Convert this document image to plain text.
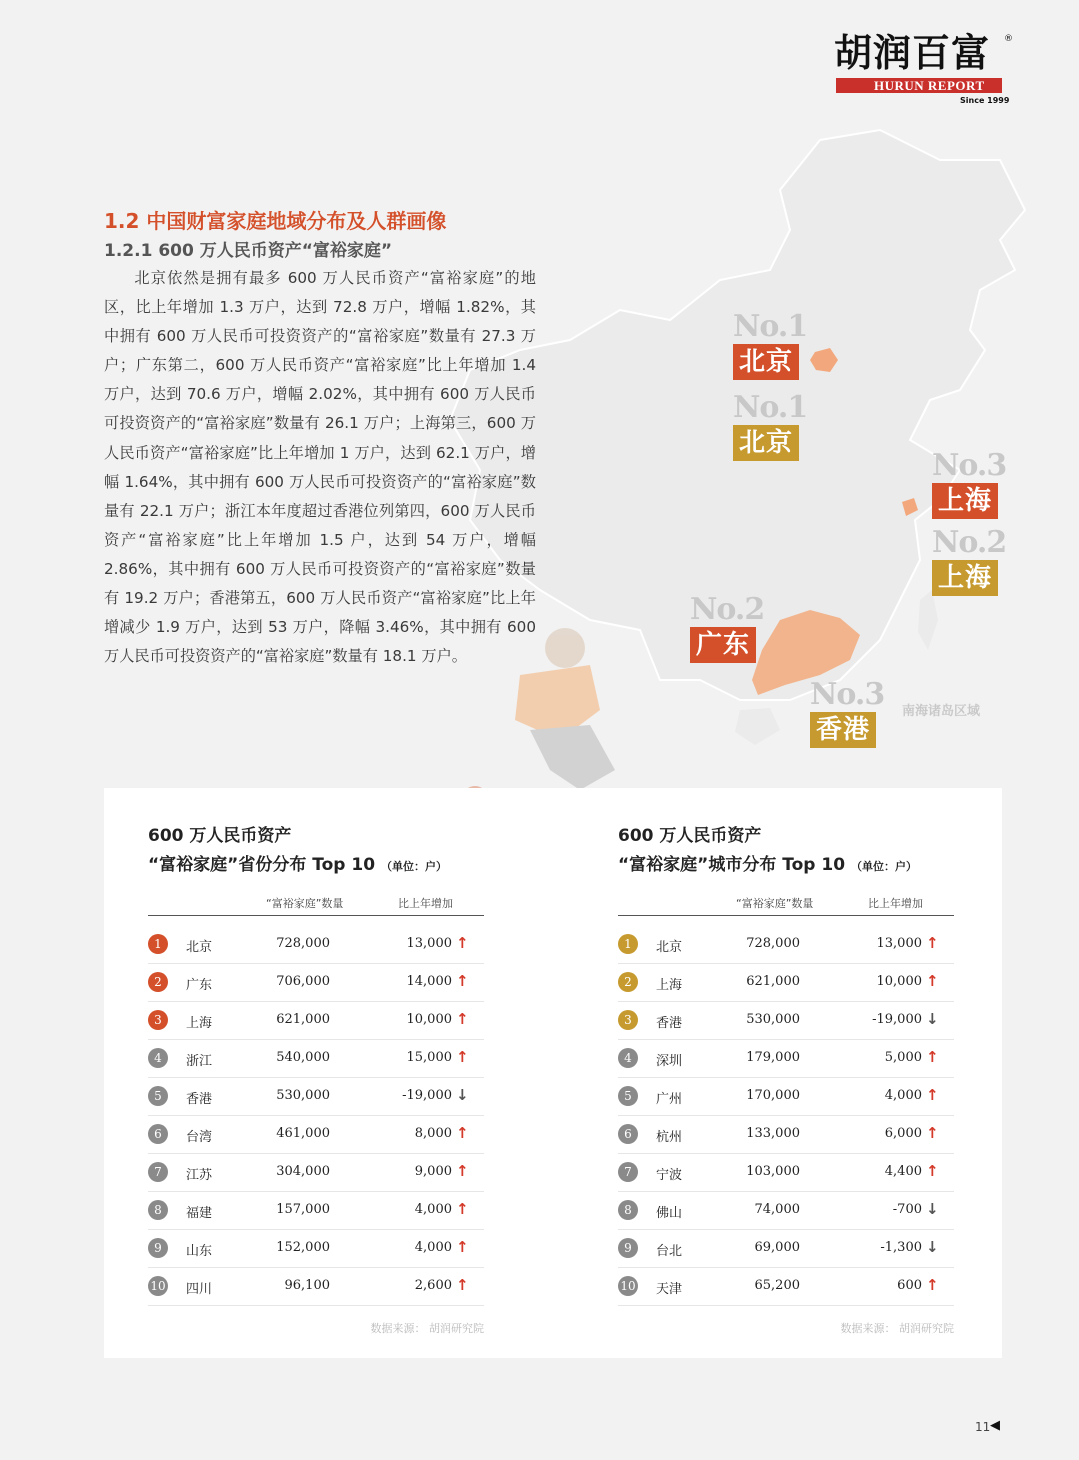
胡润百富 ®
HURUN REPORT
Since 1999
No.1
北京
No.1
北京
No.3
上海
No.2
上海
No.2
广东
No.3
香港
南海诸岛区域
1.2 中国财富家庭地域分布及人群画像
1.2.1 600 万人民币资产“富裕家庭”

北京依然是拥有最多 600 万人民币资产“富裕家庭”的地区，比上年增加 1.3 万户，达到 72.8 万户，增幅 1.82%，其中拥有 600 万人民币可投资资产的“富裕家庭”数量有 27.3 万户；广东第二，600 万人民币资产“富裕家庭”比上年增加 1.4 万户，达到 70.6 万户，增幅 2.02%，其中拥有 600 万人民币可投资资产的“富裕家庭”数量有 26.1 万户；上海第三，600 万人民币资产“富裕家庭”比上年增加 1 万户，达到 62.1 万户，增幅 1.64%，其中拥有 600 万人民币可投资资产的“富裕家庭”数量有 22.1 万户；浙江本年度超过香港位列第四，600 万人民币资产“富裕家庭”比上年增加 1.5 户，达到 54 万户，增幅 2.86%，其中拥有 600 万人民币可投资资产的“富裕家庭”数量有 19.2 万户；香港第五，600 万人民币资产“富裕家庭”比上年增减少 1.9 万户，达到 53 万户，降幅 3.46%，其中拥有 600 万人民币可投资资产的“富裕家庭”数量有 18.1 万户。

600 万人民币资产
“富裕家庭”省份分布 Top 10 （单位：户）
“富裕家庭”数量	比上年增加
1	北京	728,000	13,000 ↑
2	广东	706,000	14,000 ↑
3	上海	621,000	10,000 ↑
4	浙江	540,000	15,000 ↑
5	香港	530,000	-19,000 ↓
6	台湾	461,000	8,000 ↑
7	江苏	304,000	9,000 ↑
8	福建	157,000	4,000 ↑
9	山东	152,000	4,000 ↑
10 四川	96,100	2,600 ↑
数据来源： 胡润研究院
600 万人民币资产
“富裕家庭”城市分布 Top 10 （单位：户）
“富裕家庭”数量	比上年增加
1	北京	728,000	13,000 ↑
2	上海	621,000	10,000 ↑
3	香港	530,000	-19,000 ↓
4	深圳	179,000	5,000 ↑
5	广州	170,000	4,000 ↑
6	杭州	133,000	6,000 ↑
7	宁波	103,000	4,400 ↑
8	佛山	74,000	-700 ↓
9	台北	69,000	-1,300 ↓
10 天津	65,200	600 ↑
数据来源： 胡润研究院
11 ◀
